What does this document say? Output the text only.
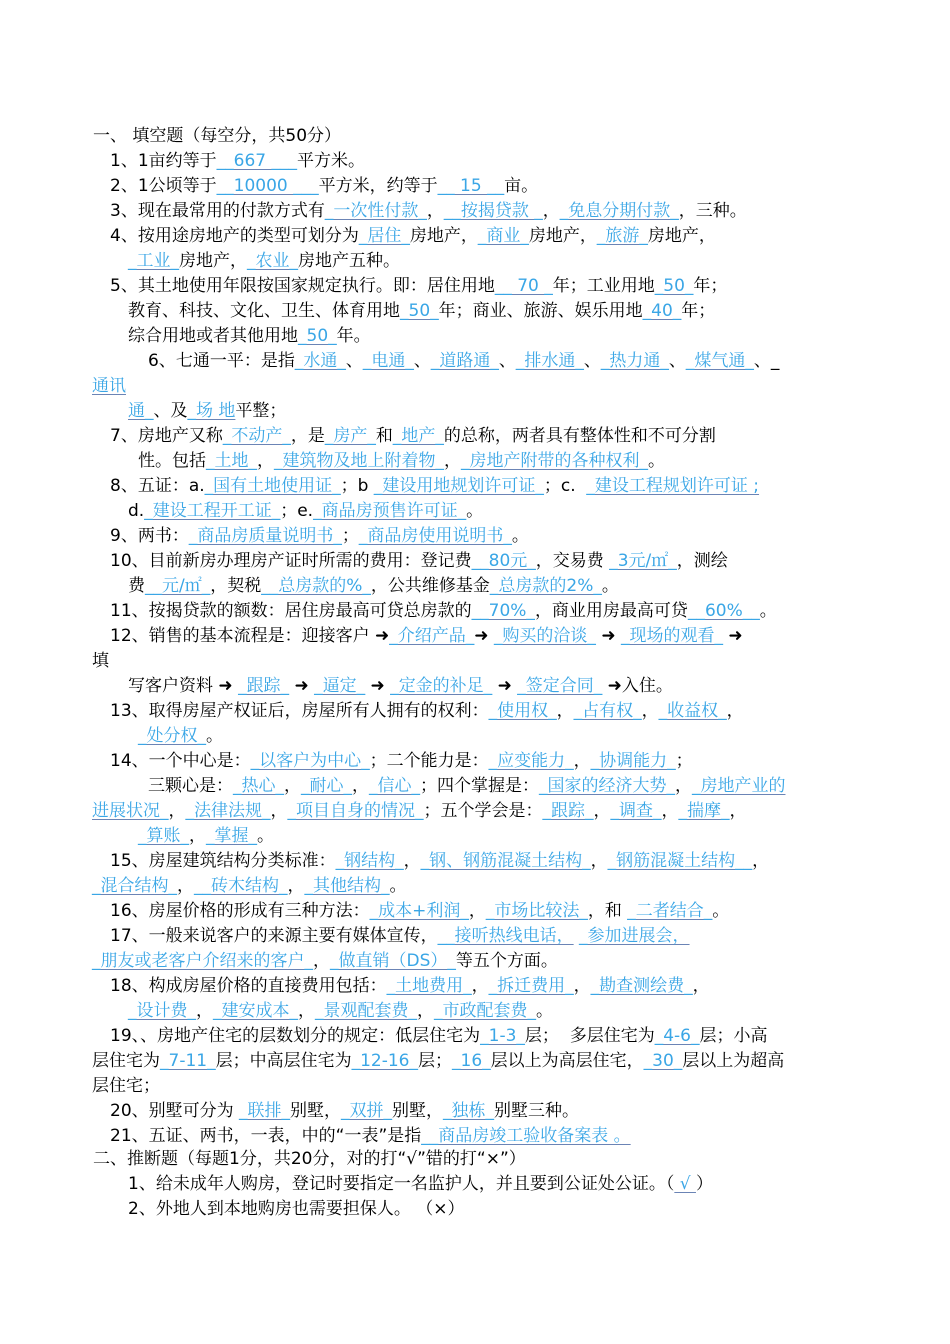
一、 填空题（每空分，共50分）
1、1亩约等于__667 ___平方米。
2、1公顷等于__10000 ___平方米，约等于__ 15 __亩。
3、现在最常用的付款方式有_一次性付款_，__按揭贷款 _，_免息分期付款_，三种。
4、按用途房地产的类型可划分为_居住_房地产，_商业_房地产，_旅游_房地产，
_工业_房地产，_农业_房地产五种。
5、其土地使用年限按国家规定执行。即：居住用地__ 70 _年；工业用地_50_年；
教育、科技、文化、卫生、体育用地_50_年；商业、旅游、娱乐用地_40_年；
综合用地或者其他用地_50_年。
6、七通一平：是指_水通_、_电通_、_道路通_、_排水通_、_热力通_、_煤气通_、_
通讯
通_、及_场 地平整；
7、房地产又称_不动产_，是_房产_和_地产_的总称，两者具有整体性和不可分割
性。包括_土地_，_建筑物及地上附着物_，_房地产附带的各种权利_。
8、五证：a._国有土地使用证_；b _建设用地规划许可证_；c.  _建设工程规划许可证 ;
d._建设工程开工证_；e._商品房预售许可证_。
9、两书：_商品房质量说明书_；_商品房使用说明书_。
10、目前新房办理房产证时所需的费用：登记费__80元_，交易费 _3元/㎡_，测绘
费__元/㎡_，契税__总房款的%_，公共维修基金_总房款的2%_。
11、按揭贷款的额数：居住房最高可贷总房款的__70%_，商业用房最高可贷__60%__。
12、销售的基本流程是：迎接客户 ➜_介绍产品_➜ _购买的洽谈_ ➜ _现场的观看_ ➜
填
写客户资料 ➜ _跟踪_ ➜ _逼定_ ➜ _定金的补足_ ➜ _签定合同_ ➜入住。
13、取得房屋产权证后，房屋所有人拥有的权利：_使用权_，_占有权_，_收益权_，
_处分权_。
14、一个中心是：_以客户为中心_；二个能力是：_应变能力_，_协调能力_；
三颗心是：_热心_，_耐心_，_信心_；四个掌握是：_国家的经济大势_，_房地产业的
进展状况_，_法律法规_，_项目自身的情况_；五个学会是：_跟踪_，_调查_，_揣摩_，
_算账_，_掌握_。
15、房屋建筑结构分类标准：_钢结构_，_钢、钢筋混凝土结构_，_钢筋混凝土结构__，
_混合结构_，__砖木结构_，_其他结构_。
16、房屋价格的形成有三种方法：_成本+利润_，_市场比较法_，和 _二者结合_。
17、一般来说客户的来源主要有媒体宣传，__接听热线电话， _参加进展会，
_朋友或老客户介绍来的客户_，_做直销（DS）_等五个方面。
18、构成房屋价格的直接费用包括：_土地费用_，_拆迁费用_，_勘查测绘费_，
_设计费_，_建安成本_，_景观配套费_，_市政配套费_。
19、、房地产住宅的层数划分的规定：低层住宅为_1-3_层；  多层住宅为_4-6_层；小高
层住宅为_7-11_层；中高层住宅为_12-16_层；_16_层以上为高层住宅，_30_层以上为超高
层住宅；
20、别墅可分为 _联排_别墅，_双拼_别墅，_独栋_别墅三种。
21、五证、两书，一表，中的“一表”是指__商品房竣工验收备案表 。
二、推断题（每题1分，共20分，对的打“√”错的打“×”）
1、给未成年人购房，登记时要指定一名监护人，并且要到公证处公证。（ √ ）
2、外地人到本地购房也需要担保人。 （×）
